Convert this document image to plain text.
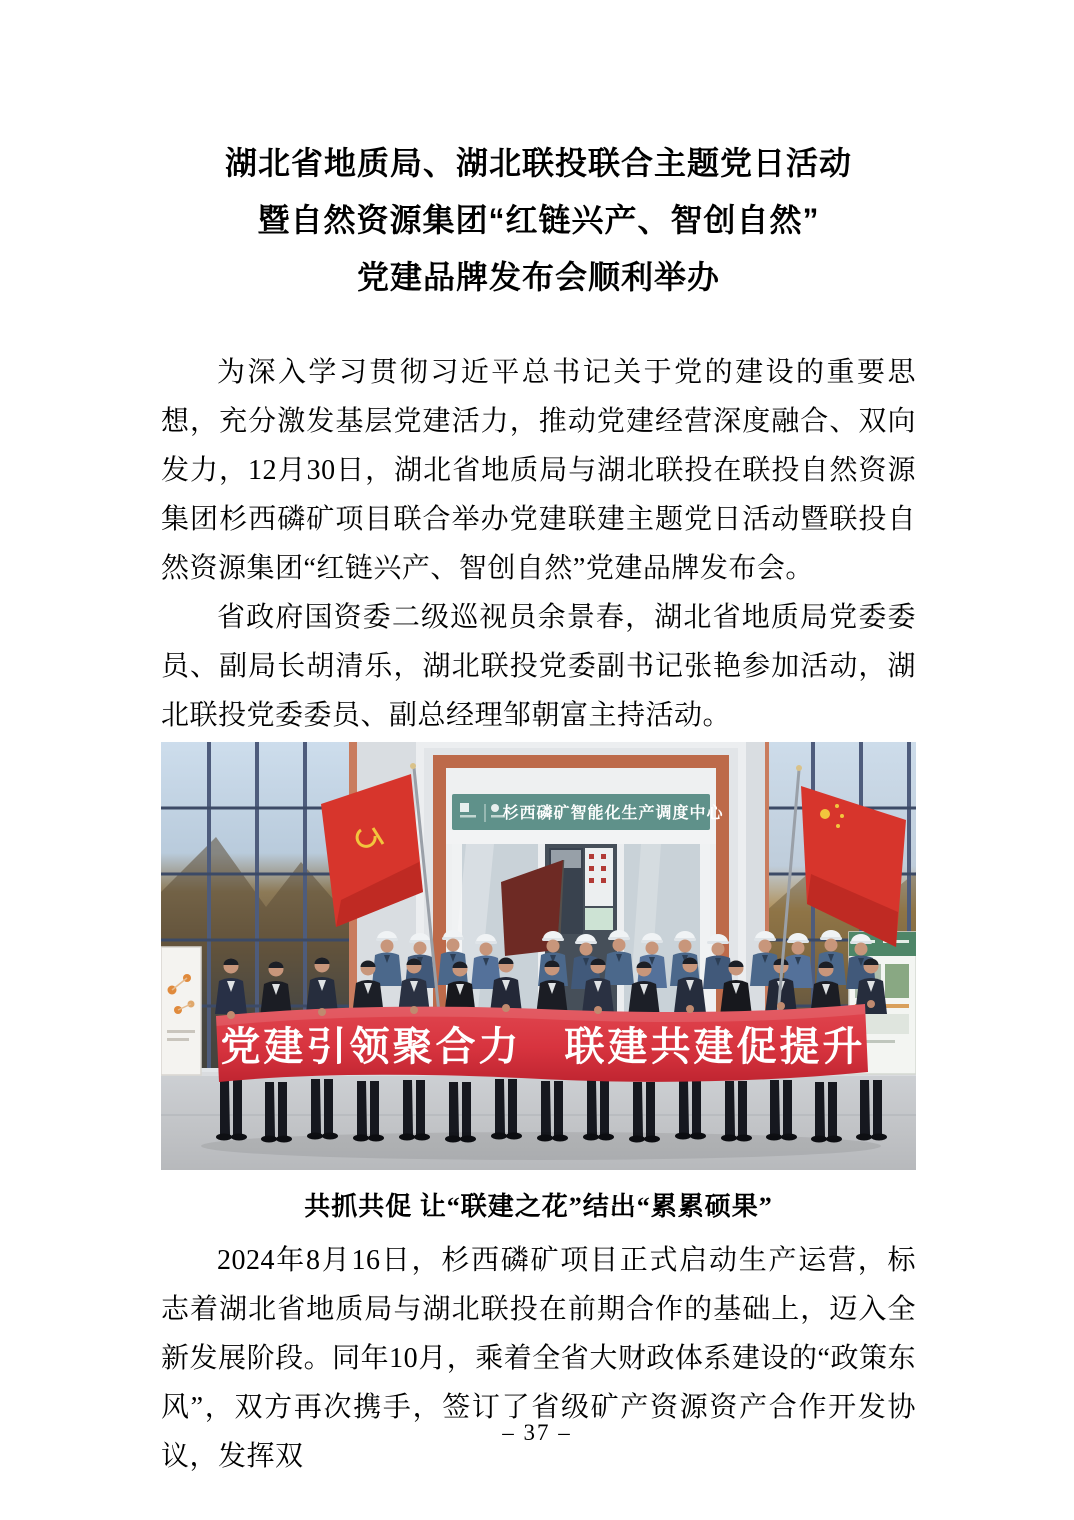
湖北省地质局、湖北联投联合主题党日活动
暨自然资源集团“红链兴产、智创自然”
党建品牌发布会顺利举办

为深入学习贯彻习近平总书记关于党的建设的重要思想，充分激发基层党建活力，推动党建经营深度融合、双向发力，12月30日，湖北省地质局与湖北联投在联投自然资源集团杉西磷矿项目联合举办党建联建主题党日活动暨联投自然资源集团“红链兴产、智创自然”党建品牌发布会。

省政府国资委二级巡视员余景春，湖北省地质局党委委员、副局长胡清乐，湖北联投党委副书记张艳参加活动，湖北联投党委委员、副总经理邹朝富主持活动。

杉西磷矿智能化生产调度中心
党建引领聚合力　联建共建促提升

共抓共促 让“联建之花”结出“累累硕果”

2024年8月16日，杉西磷矿项目正式启动生产运营，标志着湖北省地质局与湖北联投在前期合作的基础上，迈入全新发展阶段。同年10月，乘着全省大财政体系建设的“政策东风”，双方再次携手，签订了省级矿产资源资产合作开发协议，发挥双

– 37 –
